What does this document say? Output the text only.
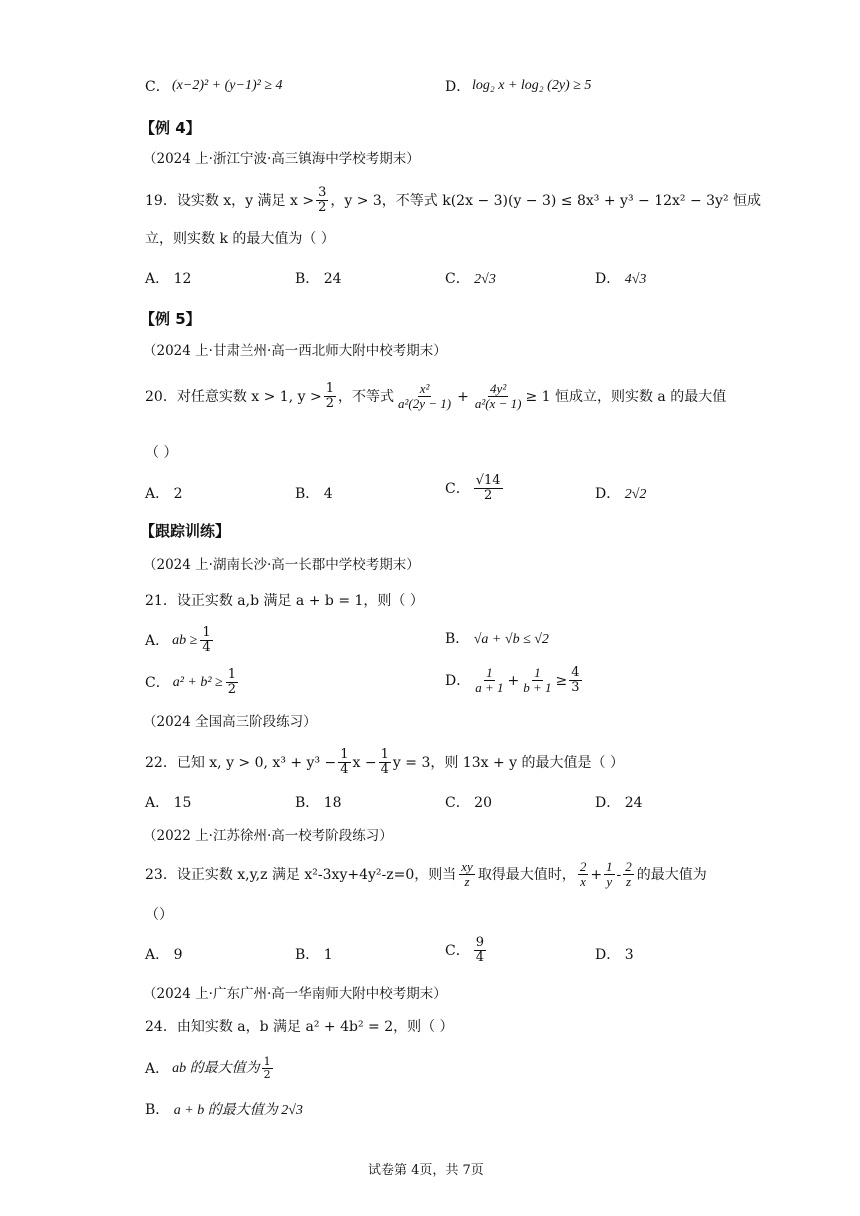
C． (x−2)² + (y−1)² ≥ 4	D． log₂ x + log₂ (2y) ≥ 5
【例 4】
（2024 上·浙江宁波·高三镇海中学校考期末）
19． 设实数 x，y 满足 $x > \frac{3}{2}$ ，y > 3，不等式 k(2x − 3)(y − 3) ≤ 8x³ + y³ − 12x² − 3y² 恒成
立，则实数 k 的最大值为（ ）
A． 12	B． 24	C． 2√3	D． 4√3
【例 5】
（2024 上·甘肃兰州·高一西北师大附中校考期末）
20． 对任意实数 x > 1, $y > \frac{1}{2}$ ，不等式 $\frac{\text{x²}}{\text{a²(2y − 1)}} + \frac{\text{4y²}}{\text{a²(x − 1)}} \ge 1$ 恒成立，则实数 a 的最大值
（ ）
A． 2	B． 4	C． $\frac{√14}{2}$	D． 2√2
【跟踪训练】
（2024 上·湖南长沙·高一长郡中学校考期末）
21．设正实数 a,b 满足 a + b = 1，则（ ）
A． ab ≥ $\frac{1}{4}$	B． √a + √b ≤ √2
C． $a^2 + b^2 \ge \frac{1}{2}$	D． $\frac{1}{a + 1} + \frac{1}{b + 1} \ge \frac{4}{3}$
（2024 全国高三阶段练习）
22． 已知 x, y > 0, $x^3 + y^3 - \frac{1}{4}$ $x - \frac{1}{4}$ y = 3，则 13x + y 的最大值是（ ）
A． 15	B． 18	C． 20	D． 24
（2022 上·江苏徐州·高一校考阶段练习）
23． 设正实数 x,y,z 满足 x²-3xy+4y²-z=0，则当 $\frac{xy}{z}$ 取得最大值时， $\frac{2}{x} + \frac{1}{y} - \frac{2}{z}$ 的最大值为
（）
A． 9	B． 1	C． $\frac{9}{4}$	D． 3
（2024 上·广东广州·高一华南师大附中校考期末）
24．由知实数 a，b 满足 a² + 4b² = 2，则（ ）
A． ab 的最大值为 $\frac{1}{2}$
B． a + b 的最大值为 2√3
试卷第 4页，共 7页
